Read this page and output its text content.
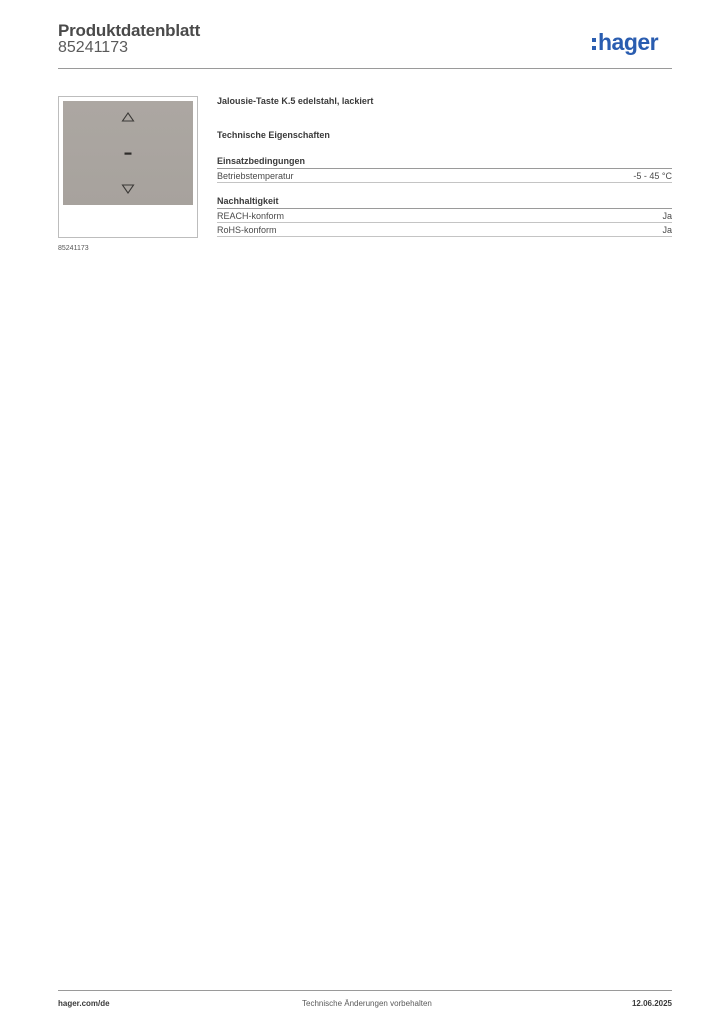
Produktdatenblatt
85241173	hager
85241173
Jalousie-Taste K.5 edelstahl, lackiert
Technische Eigenschaften
Einsatzbedingungen
Betriebstemperatur	-5 - 45 °C
Nachhaltigkeit
REACH-konform	Ja
RoHS-konform	Ja
hager.com/de	Technische Änderungen vorbehalten	12.06.2025
